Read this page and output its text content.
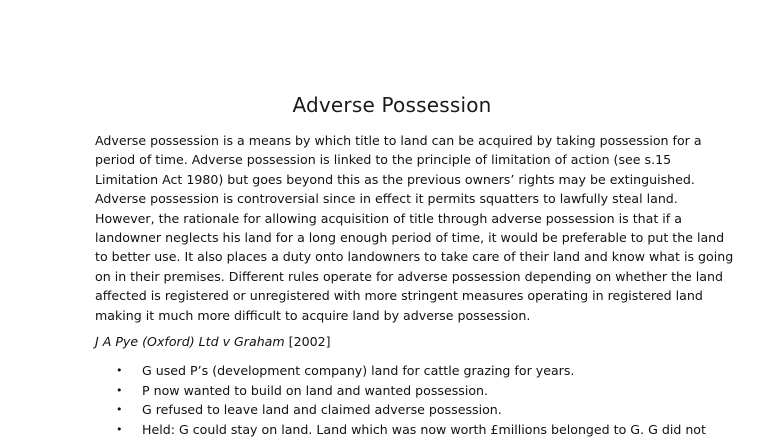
Adverse Possession

Adverse possession is a means by which title to land can be acquired by taking possession for a
period of time. Adverse possession is linked to the principle of limitation of action (see s.15
Limitation Act 1980) but goes beyond this as the previous owners’ rights may be extinguished.
Adverse possession is controversial since in effect it permits squatters to lawfully steal land.
However, the rationale for allowing acquisition of title through adverse possession is that if a
landowner neglects his land for a long enough period of time, it would be preferable to put the land
to better use. It also places a duty onto landowners to take care of their land and know what is going
on in their premises. Different rules operate for adverse possession depending on whether the land
affected is registered or unregistered with more stringent measures operating in registered land
making it much more difficult to acquire land by adverse possession.

J A Pye (Oxford) Ltd v Graham [2002]
• G used P’s (development company) land for cattle grazing for years.
• P now wanted to build on land and wanted possession.
• G refused to leave land and claimed adverse possession.
• Held: G could stay on land. Land which was now worth £millions belonged to G. G did not
